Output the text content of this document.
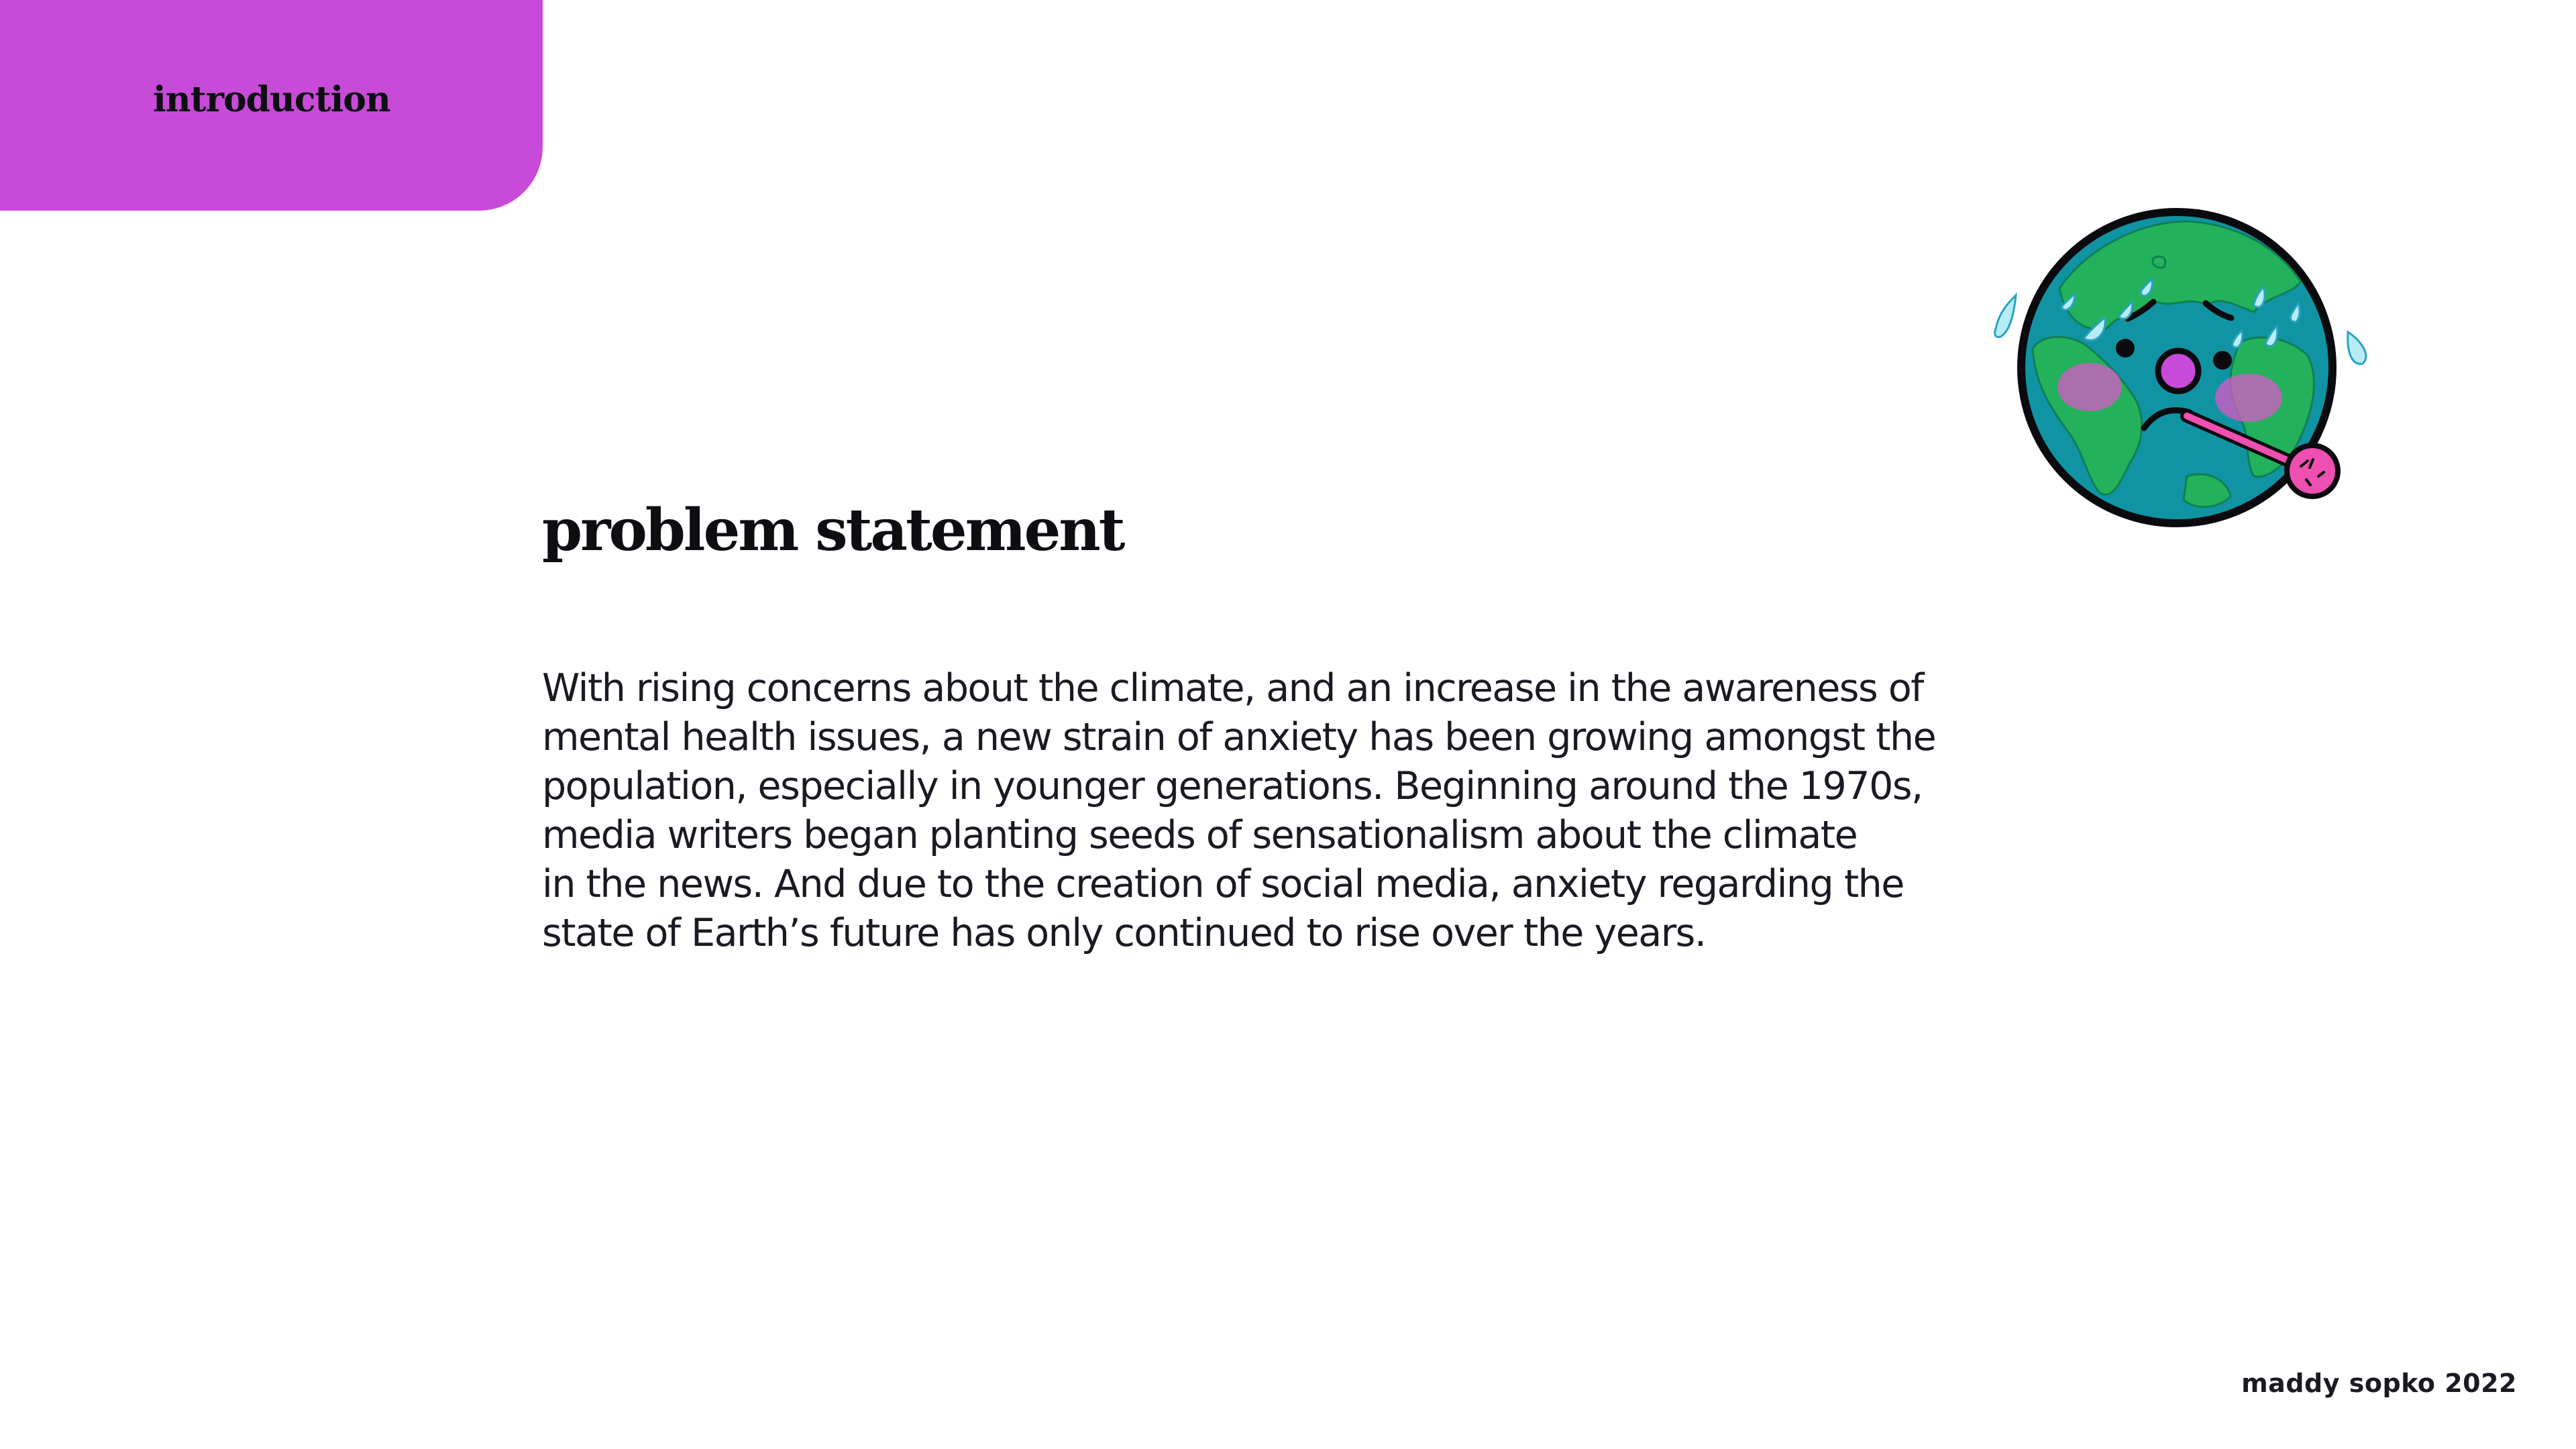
introduction
problem statement

With rising concerns about the climate, and an increase in the awareness of
mental health issues, a new strain of anxiety has been growing amongst the
population, especially in younger generations. Beginning around the 1970s,
media writers began planting seeds of sensationalism about the climate
in the news. And due to the creation of social media, anxiety regarding the
state of Earth’s future has only continued to rise over the years.

maddy sopko 2022
